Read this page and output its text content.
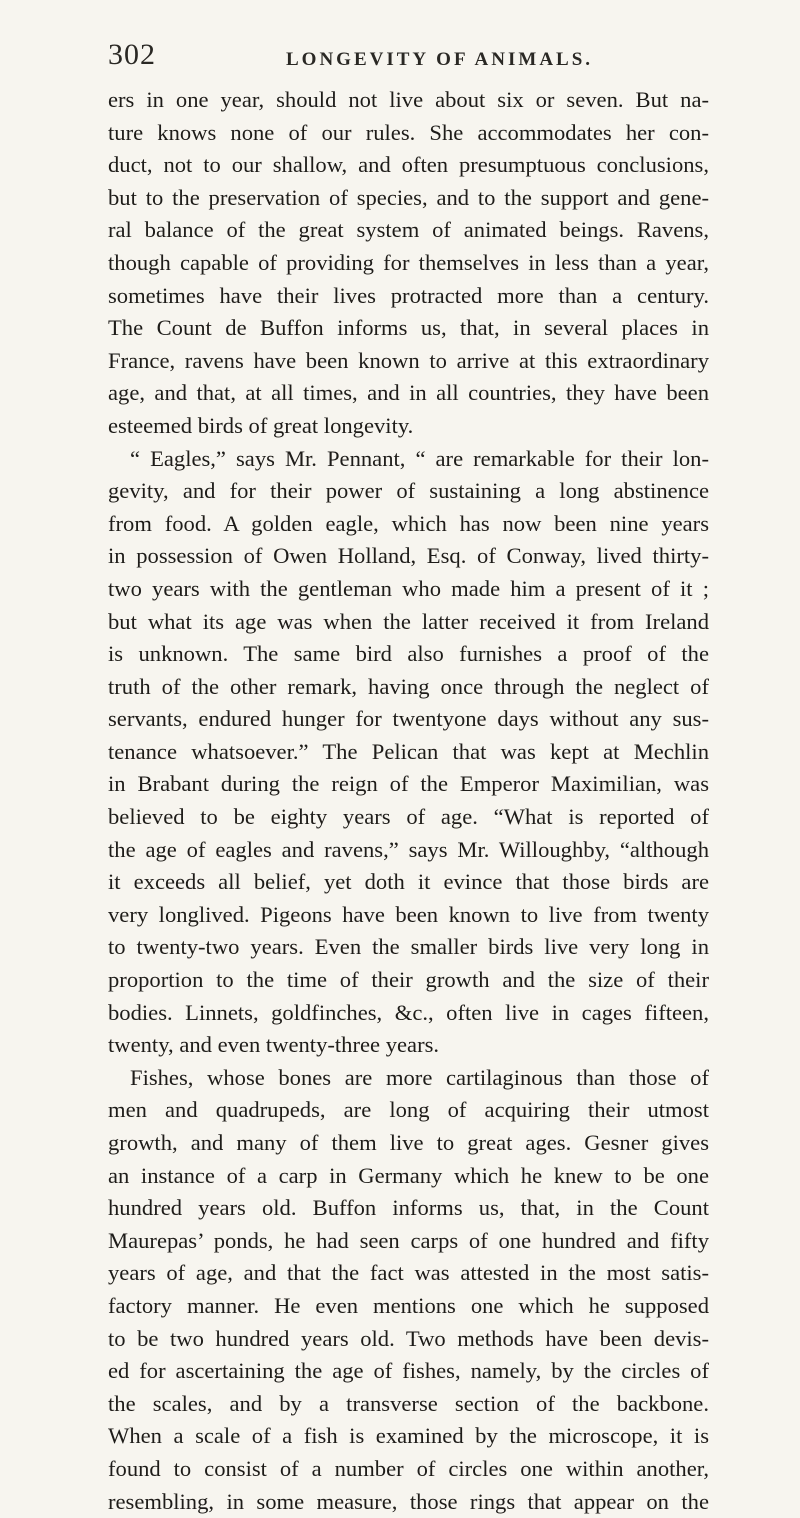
302	LONGEVITY OF ANIMALS.
ers in one year, should not live about six or seven. But na-
ture knows none of our rules. She accommodates her con-
duct, not to our shallow, and often presumptuous conclusions,
but to the preservation of species, and to the support and gene-
ral balance of the great system of animated beings. Ravens,
though capable of providing for themselves in less than a year,
sometimes have their lives protracted more than a century.
The Count de Buffon informs us, that, in several places in
France, ravens have been known to arrive at this extraordinary
age, and that, at all times, and in all countries, they have been
esteemed birds of great longevity.
“ Eagles,” says Mr. Pennant, “ are remarkable for their lon-
gevity, and for their power of sustaining a long abstinence
from food. A golden eagle, which has now been nine years
in possession of Owen Holland, Esq. of Conway, lived thirty-
two years with the gentleman who made him a present of it ;
but what its age was when the latter received it from Ireland
is unknown. The same bird also furnishes a proof of the
truth of the other remark, having once through the neglect of
servants, endured hunger for twentyone days without any sus-
tenance whatsoever.” The Pelican that was kept at Mechlin
in Brabant during the reign of the Emperor Maximilian, was
believed to be eighty years of age. “What is reported of
the age of eagles and ravens,” says Mr. Willoughby, “although
it exceeds all belief, yet doth it evince that those birds are
very longlived. Pigeons have been known to live from twenty
to twenty-two years. Even the smaller birds live very long in
proportion to the time of their growth and the size of their
bodies. Linnets, goldfinches, &c., often live in cages fifteen,
twenty, and even twenty-three years.
Fishes, whose bones are more cartilaginous than those of
men and quadrupeds, are long of acquiring their utmost
growth, and many of them live to great ages. Gesner gives
an instance of a carp in Germany which he knew to be one
hundred years old. Buffon informs us, that, in the Count
Maurepas’ ponds, he had seen carps of one hundred and fifty
years of age, and that the fact was attested in the most satis-
factory manner. He even mentions one which he supposed
to be two hundred years old. Two methods have been devis-
ed for ascertaining the age of fishes, namely, by the circles of
the scales, and by a transverse section of the backbone.
When a scale of a fish is examined by the microscope, it is
found to consist of a number of circles one within another,
resembling, in some measure, those rings that appear on the
